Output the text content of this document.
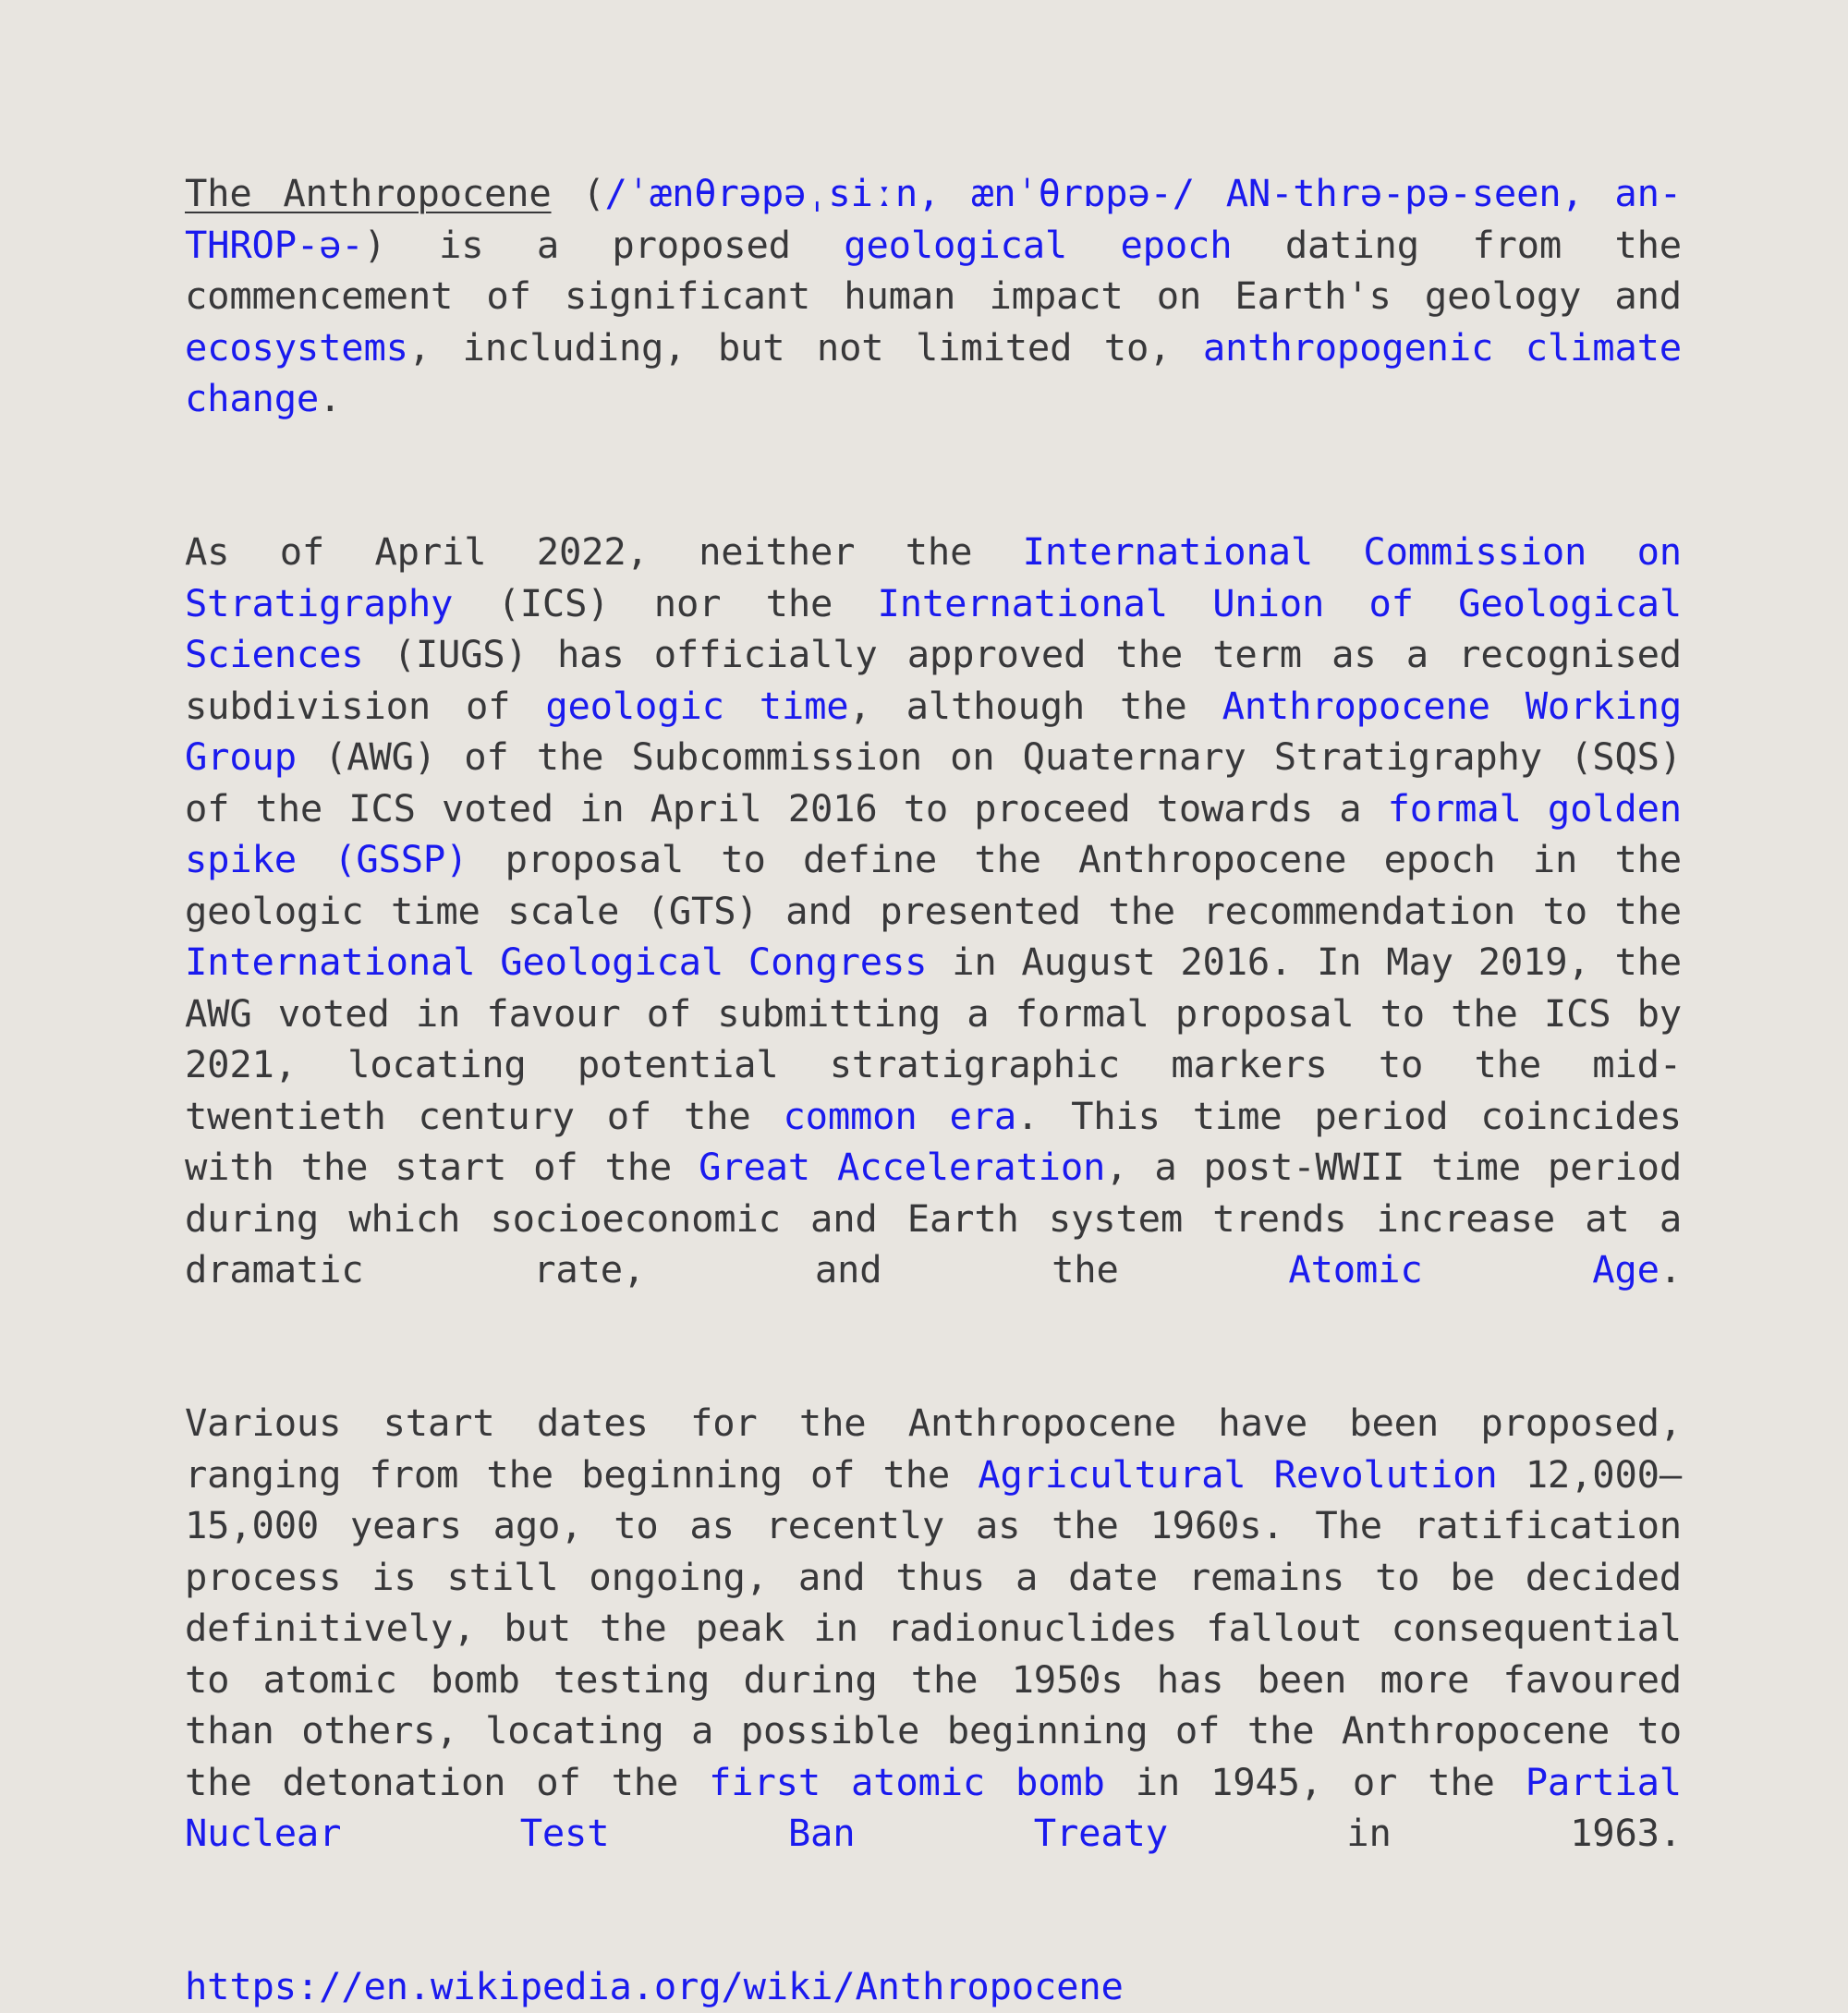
The Anthropocene (/ˈænθrəpəˌsiːn, ænˈθrɒpə-/ AN-thrə-pə-seen, an-THROP-ə-) is a proposed geological epoch dating from the commencement of significant human impact on Earth's geology and ecosystems, including, but not limited to, anthropogenic climate change.

As of April 2022, neither the International Commission on Stratigraphy (ICS) nor the International Union of Geological Sciences (IUGS) has officially approved the term as a recognised subdivision of geologic time, although the Anthropocene Working Group (AWG) of the Subcommission on Quaternary Stratigraphy (SQS) of the ICS voted in April 2016 to proceed towards a formal golden spike (GSSP) proposal to define the Anthropocene epoch in the geologic time scale (GTS) and presented the recommendation to the International Geological Congress in August 2016. In May 2019, the AWG voted in favour of submitting a formal proposal to the ICS by 2021, locating potential stratigraphic markers to the mid-twentieth century of the common era. This time period coincides with the start of the Great Acceleration, a post-WWII time period during which socioeconomic and Earth system trends increase at a dramatic rate, and the Atomic Age.

Various start dates for the Anthropocene have been proposed, ranging from the beginning of the Agricultural Revolution 12,000–15,000 years ago, to as recently as the 1960s. The ratification process is still ongoing, and thus a date remains to be decided definitively, but the peak in radionuclides fallout consequential to atomic bomb testing during the 1950s has been more favoured than others, locating a possible beginning of the Anthropocene to the detonation of the first atomic bomb in 1945, or the Partial Nuclear Test Ban Treaty in 1963.

https://en.wikipedia.org/wiki/Anthropocene
